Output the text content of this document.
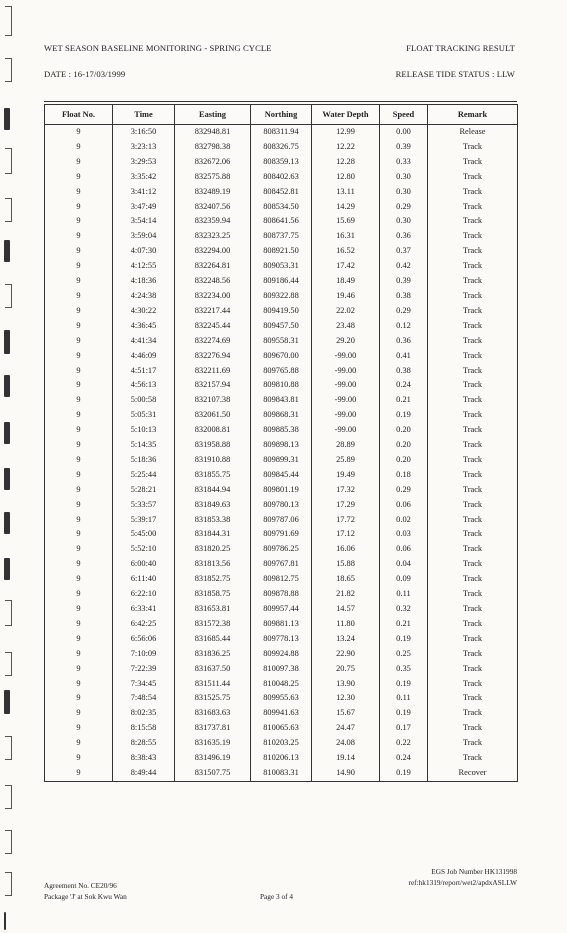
WET SEASON BASELINE MONITORING - SPRING CYCLE	FLOAT TRACKING RESULT
DATE : 16-17/03/1999	RELEASE TIDE STATUS : LLW
Float No.	Time	Easting	Northing	Water Depth	Speed	Remark
9	3:16:50	832948.81	808311.94	12.99	0.00	Release
9	3:23:13	832798.38	808326.75	12.22	0.39	Track
9	3:29:53	832672.06	808359.13	12.28	0.33	Track
9	3:35:42	832575.88	808402.63	12.80	0.30	Track
9	3:41:12	832489.19	808452.81	13.11	0.30	Track
9	3:47:49	832407.56	808534.50	14.29	0.29	Track
9	3:54:14	832359.94	808641.56	15.69	0.30	Track
9	3:59:04	832323.25	808737.75	16.31	0.36	Track
9	4:07:30	832294.00	808921.50	16.52	0.37	Track
9	4:12:55	832264.81	809053.31	17.42	0.42	Track
9	4:18:36	832248.56	809186.44	18.49	0.39	Track
9	4:24:38	832234.00	809322.88	19.46	0.38	Track
9	4:30:22	832217.44	809419.50	22.02	0.29	Track
9	4:36:45	832245.44	809457.50	23.48	0.12	Track
9	4:41:34	832274.69	809558.31	29.20	0.36	Track
9	4:46:09	832276.94	809670.00	-99.00	0.41	Track
9	4:51:17	832211.69	809765.88	-99.00	0.38	Track
9	4:56:13	832157.94	809810.88	-99.00	0.24	Track
9	5:00:58	832107.38	809843.81	-99.00	0.21	Track
9	5:05:31	832061.50	809868.31	-99.00	0.19	Track
9	5:10:13	832008.81	809885.38	-99.00	0.20	Track
9	5:14:35	831958.88	809898.13	28.89	0.20	Track
9	5:18:36	831910.88	809899.31	25.89	0.20	Track
9	5:25:44	831855.75	809845.44	19.49	0.18	Track
9	5:28:21	831844.94	809801.19	17.32	0.29	Track
9	5:33:57	831849.63	809780.13	17.29	0.06	Track
9	5:39:17	831853.38	809787.06	17.72	0.02	Track
9	5:45:00	831844.31	809791.69	17.12	0.03	Track
9	5:52:10	831820.25	809786.25	16.06	0.06	Track
9	6:00:40	831813.56	809767.81	15.88	0.04	Track
9	6:11:40	831852.75	809812.75	18.65	0.09	Track
9	6:22:10	831858.75	809878.88	21.82	0.11	Track
9	6:33:41	831653.81	809957.44	14.57	0.32	Track
9	6:42:25	831572.38	809881.13	11.80	0.21	Track
9	6:56:06	831685.44	809778.13	13.24	0.19	Track
9	7:10:09	831836.25	809924.88	22.90	0.25	Track
9	7:22:39	831637.50	810097.38	20.75	0.35	Track
9	7:34:45	831511.44	810048.25	13.90	0.19	Track
9	7:48:54	831525.75	809955.63	12.30	0.11	Track
9	8:02:35	831683.63	809941.63	15.67	0.19	Track
9	8:15:58	831737.81	810065.63	24.47	0.17	Track
9	8:28:55	831635.19	810203.25	24.08	0.22	Track
9	8:38:43	831496.19	810206.13	19.14	0.24	Track
9	8:49:44	831507.75	810083.31	14.90	0.19	Recover
Agreement No. CE20/96
Package 'J' at Sok Kwu Wan	Page 3 of 4
EGS Job Number HK131998
ref:hk1319/report/wet2/apdxASLLW
